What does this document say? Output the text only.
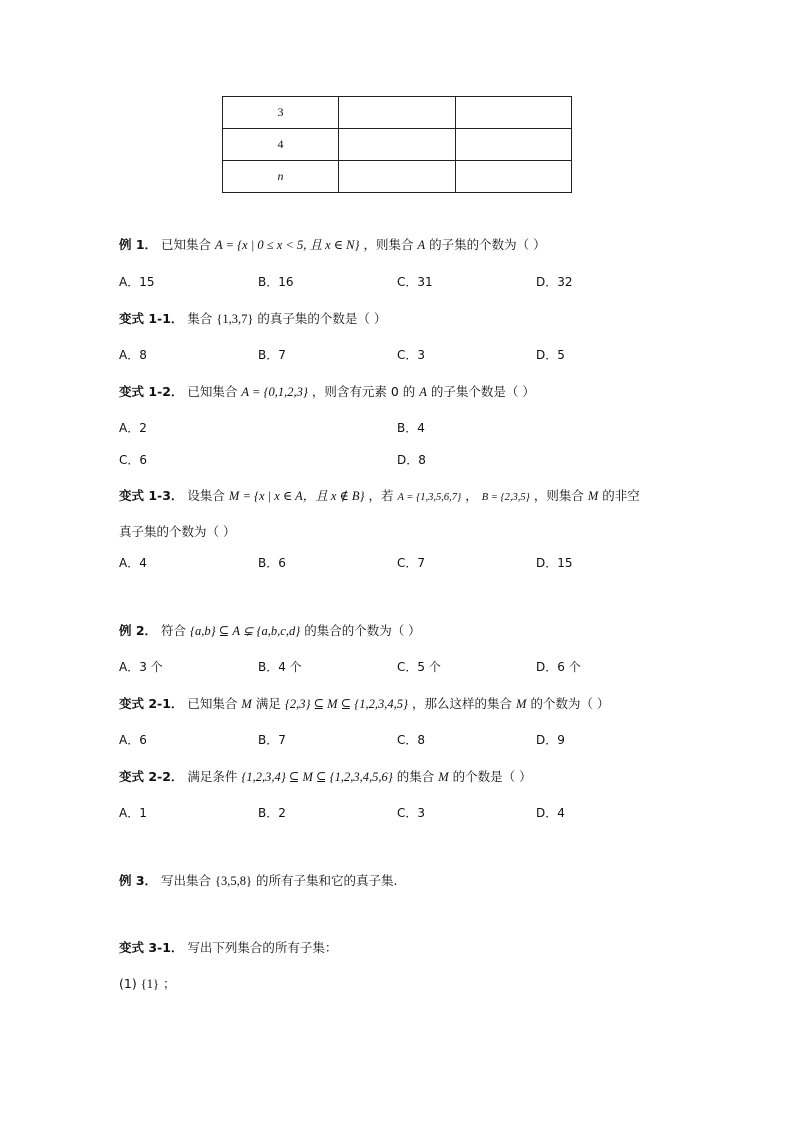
3		
4		
n		
例 1． 已知集合 A = {x | 0 ≤ x < 5, 且 x ∈ N} ，则集合 A 的子集的个数为（ ）
A．15	B．16	C．31	D．32
变式 1-1． 集合 {1,3,7} 的真子集的个数是（ ）
A．8	B．7	C．3	D．5
变式 1-2． 已知集合 A = {0,1,2,3} ，则含有元素 0 的 A 的子集个数是（ ）
A．2	B．4
C．6	D．8
变式 1-3． 设集合 M = {x | x ∈ A，且 x ∉ B} ，若 A = {1,3,5,6,7} ， B = {2,3,5} ，则集合 M 的非空
真子集的个数为（ ）
A．4	B．6	C．7	D．15
例 2． 符合 {a,b} ⊆ A ⊊ {a,b,c,d} 的集合的个数为（ ）
A．3 个	B．4 个	C．5 个	D．6 个
变式 2-1． 已知集合 M 满足 {2,3} ⊆ M ⊆ {1,2,3,4,5} ，那么这样的集合 M 的个数为（ ）
A．6	B．7	C．8	D．9
变式 2-2． 满足条件 {1,2,3,4} ⊆ M ⊆ {1,2,3,4,5,6} 的集合 M 的个数是（ ）
A．1	B．2	C．3	D．4
例 3． 写出集合 {3,5,8} 的所有子集和它的真子集.
变式 3-1． 写出下列集合的所有子集：
(1) {1} ；
